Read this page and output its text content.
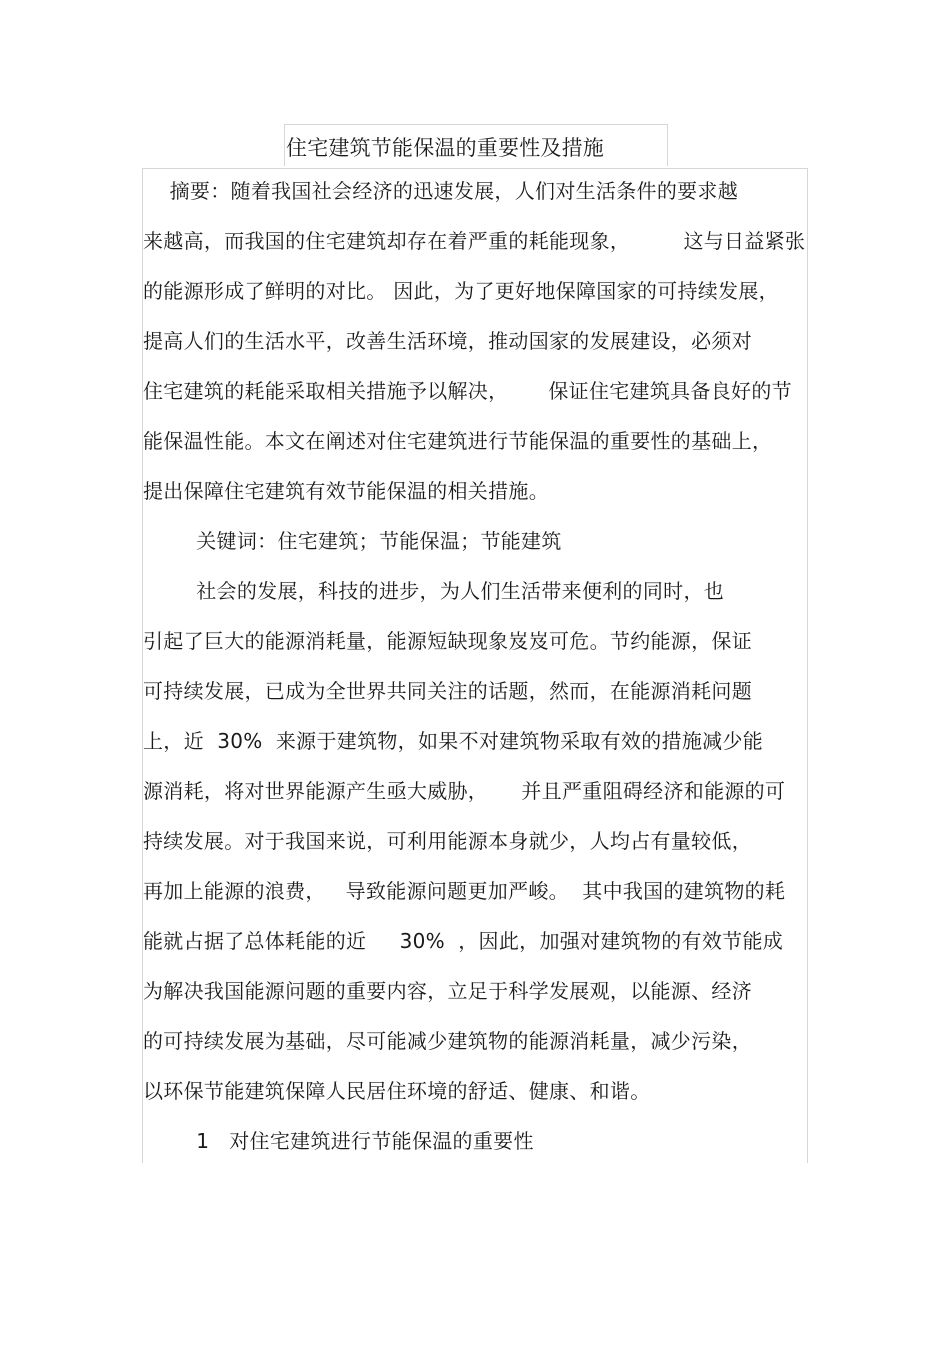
住宅建筑节能保温的重要性及措施
摘要：随着我国社会经济的迅速发展，人们对生活条件的要求越
来越高，而我国的住宅建筑却存在着严重的耗能现象，        这与日益紧张
的能源形成了鲜明的对比。 因此，为了更好地保障国家的可持续发展，
提高人们的生活水平，改善生活环境，推动国家的发展建设，必须对
住宅建筑的耗能采取相关措施予以解决，      保证住宅建筑具备良好的节
能保温性能。本文在阐述对住宅建筑进行节能保温的重要性的基础上，
提出保障住宅建筑有效节能保温的相关措施。
关键词：住宅建筑；节能保温；节能建筑
社会的发展，科技的进步，为人们生活带来便利的同时，也
引起了巨大的能源消耗量，能源短缺现象岌岌可危。节约能源，保证
可持续发展，已成为全世界共同关注的话题，然而，在能源消耗问题
上，近  30%  来源于建筑物，如果不对建筑物采取有效的措施减少能
源消耗，将对世界能源产生亟大威胁，     并且严重阻碍经济和能源的可
持续发展。对于我国来说，可利用能源本身就少，人均占有量较低，
再加上能源的浪费，   导致能源问题更加严峻。  其中我国的建筑物的耗
能就占据了总体耗能的近     30%  ，因此，加强对建筑物的有效节能成
为解决我国能源问题的重要内容，立足于科学发展观，以能源、经济
的可持续发展为基础，尽可能减少建筑物的能源消耗量，减少污染，
以环保节能建筑保障人民居住环境的舒适、健康、和谐。
1   对住宅建筑进行节能保温的重要性
